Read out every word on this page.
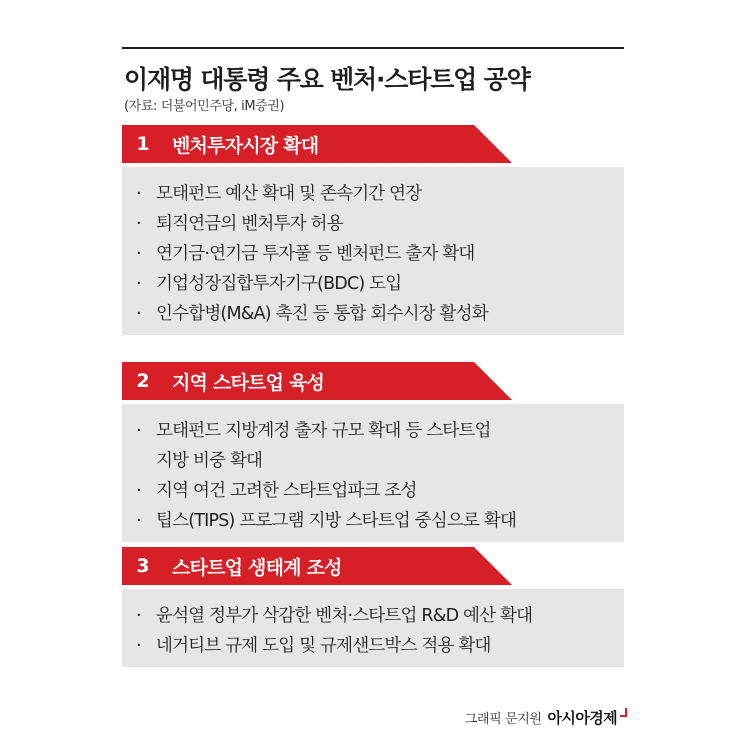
이재명 대통령 주요 벤처·스타트업 공약
(자료: 더불어민주당, iM증권)
1	벤처투자시장 확대
· 모태펀드 예산 확대 및 존속기간 연장
· 퇴직연금의 벤처투자 허용
· 연기금·연기금 투자풀 등 벤처펀드 출자 확대
· 기업성장집합투자기구(BDC) 도입
· 인수합병(M&A) 촉진 등 통합 회수시장 활성화
2	지역 스타트업 육성
· 모태펀드 지방계정 출자 규모 확대 등 스타트업
지방 비중 확대
· 지역 여건 고려한 스타트업파크 조성
· 팁스(TIPS) 프로그램 지방 스타트업 중심으로 확대
3	스타트업 생태계 조성
· 윤석열 정부가 삭감한 벤처·스타트업 R&D 예산 확대
· 네거티브 규제 도입 및 규제샌드박스 적용 확대
그래픽 문지원 아시아경제
